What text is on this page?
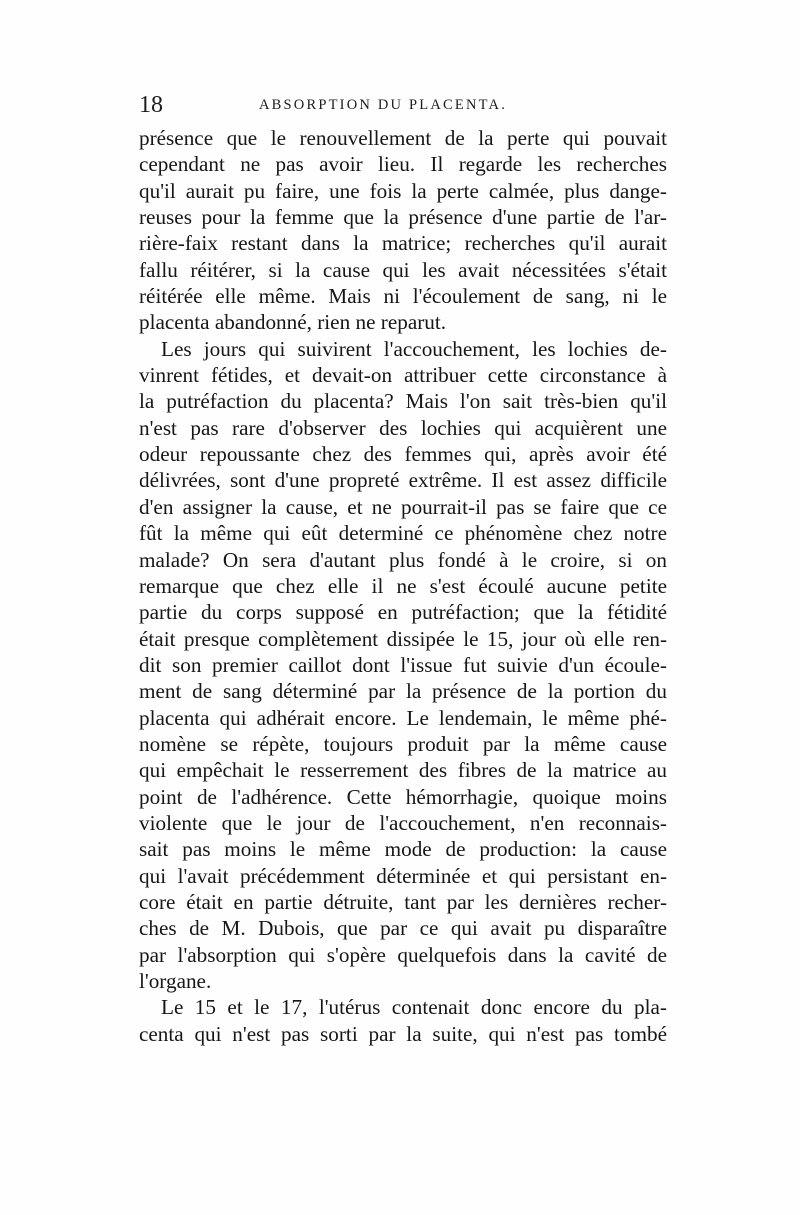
18	ABSORPTION DU PLACENTA.
présence que le renouvellement de la perte qui pouvait
cependant ne pas avoir lieu. Il regarde les recherches
qu'il aurait pu faire, une fois la perte calmée, plus dange-
reuses pour la femme que la présence d'une partie de l'ar-
rière-faix restant dans la matrice; recherches qu'il aurait
fallu réitérer, si la cause qui les avait nécessitées s'était
réitérée elle même. Mais ni l'écoulement de sang, ni le
placenta abandonné, rien ne reparut.
Les jours qui suivirent l'accouchement, les lochies de-
vinrent fétides, et devait-on attribuer cette circonstance à
la putréfaction du placenta? Mais l'on sait très-bien qu'il
n'est pas rare d'observer des lochies qui acquièrent une
odeur repoussante chez des femmes qui, après avoir été
délivrées, sont d'une propreté extrême. Il est assez difficile
d'en assigner la cause, et ne pourrait-il pas se faire que ce
fût la même qui eût determiné ce phénomène chez notre
malade? On sera d'autant plus fondé à le croire, si on
remarque que chez elle il ne s'est écoulé aucune petite
partie du corps supposé en putréfaction; que la fétidité
était presque complètement dissipée le 15, jour où elle ren-
dit son premier caillot dont l'issue fut suivie d'un écoule-
ment de sang déterminé par la présence de la portion du
placenta qui adhérait encore. Le lendemain, le même phé-
nomène se répète, toujours produit par la même cause
qui empêchait le resserrement des fibres de la matrice au
point de l'adhérence. Cette hémorrhagie, quoique moins
violente que le jour de l'accouchement, n'en reconnais-
sait pas moins le même mode de production: la cause
qui l'avait précédemment déterminée et qui persistant en-
core était en partie détruite, tant par les dernières recher-
ches de M. Dubois, que par ce qui avait pu disparaître
par l'absorption qui s'opère quelquefois dans la cavité de
l'organe.
Le 15 et le 17, l'utérus contenait donc encore du pla-
centa qui n'est pas sorti par la suite, qui n'est pas tombé
